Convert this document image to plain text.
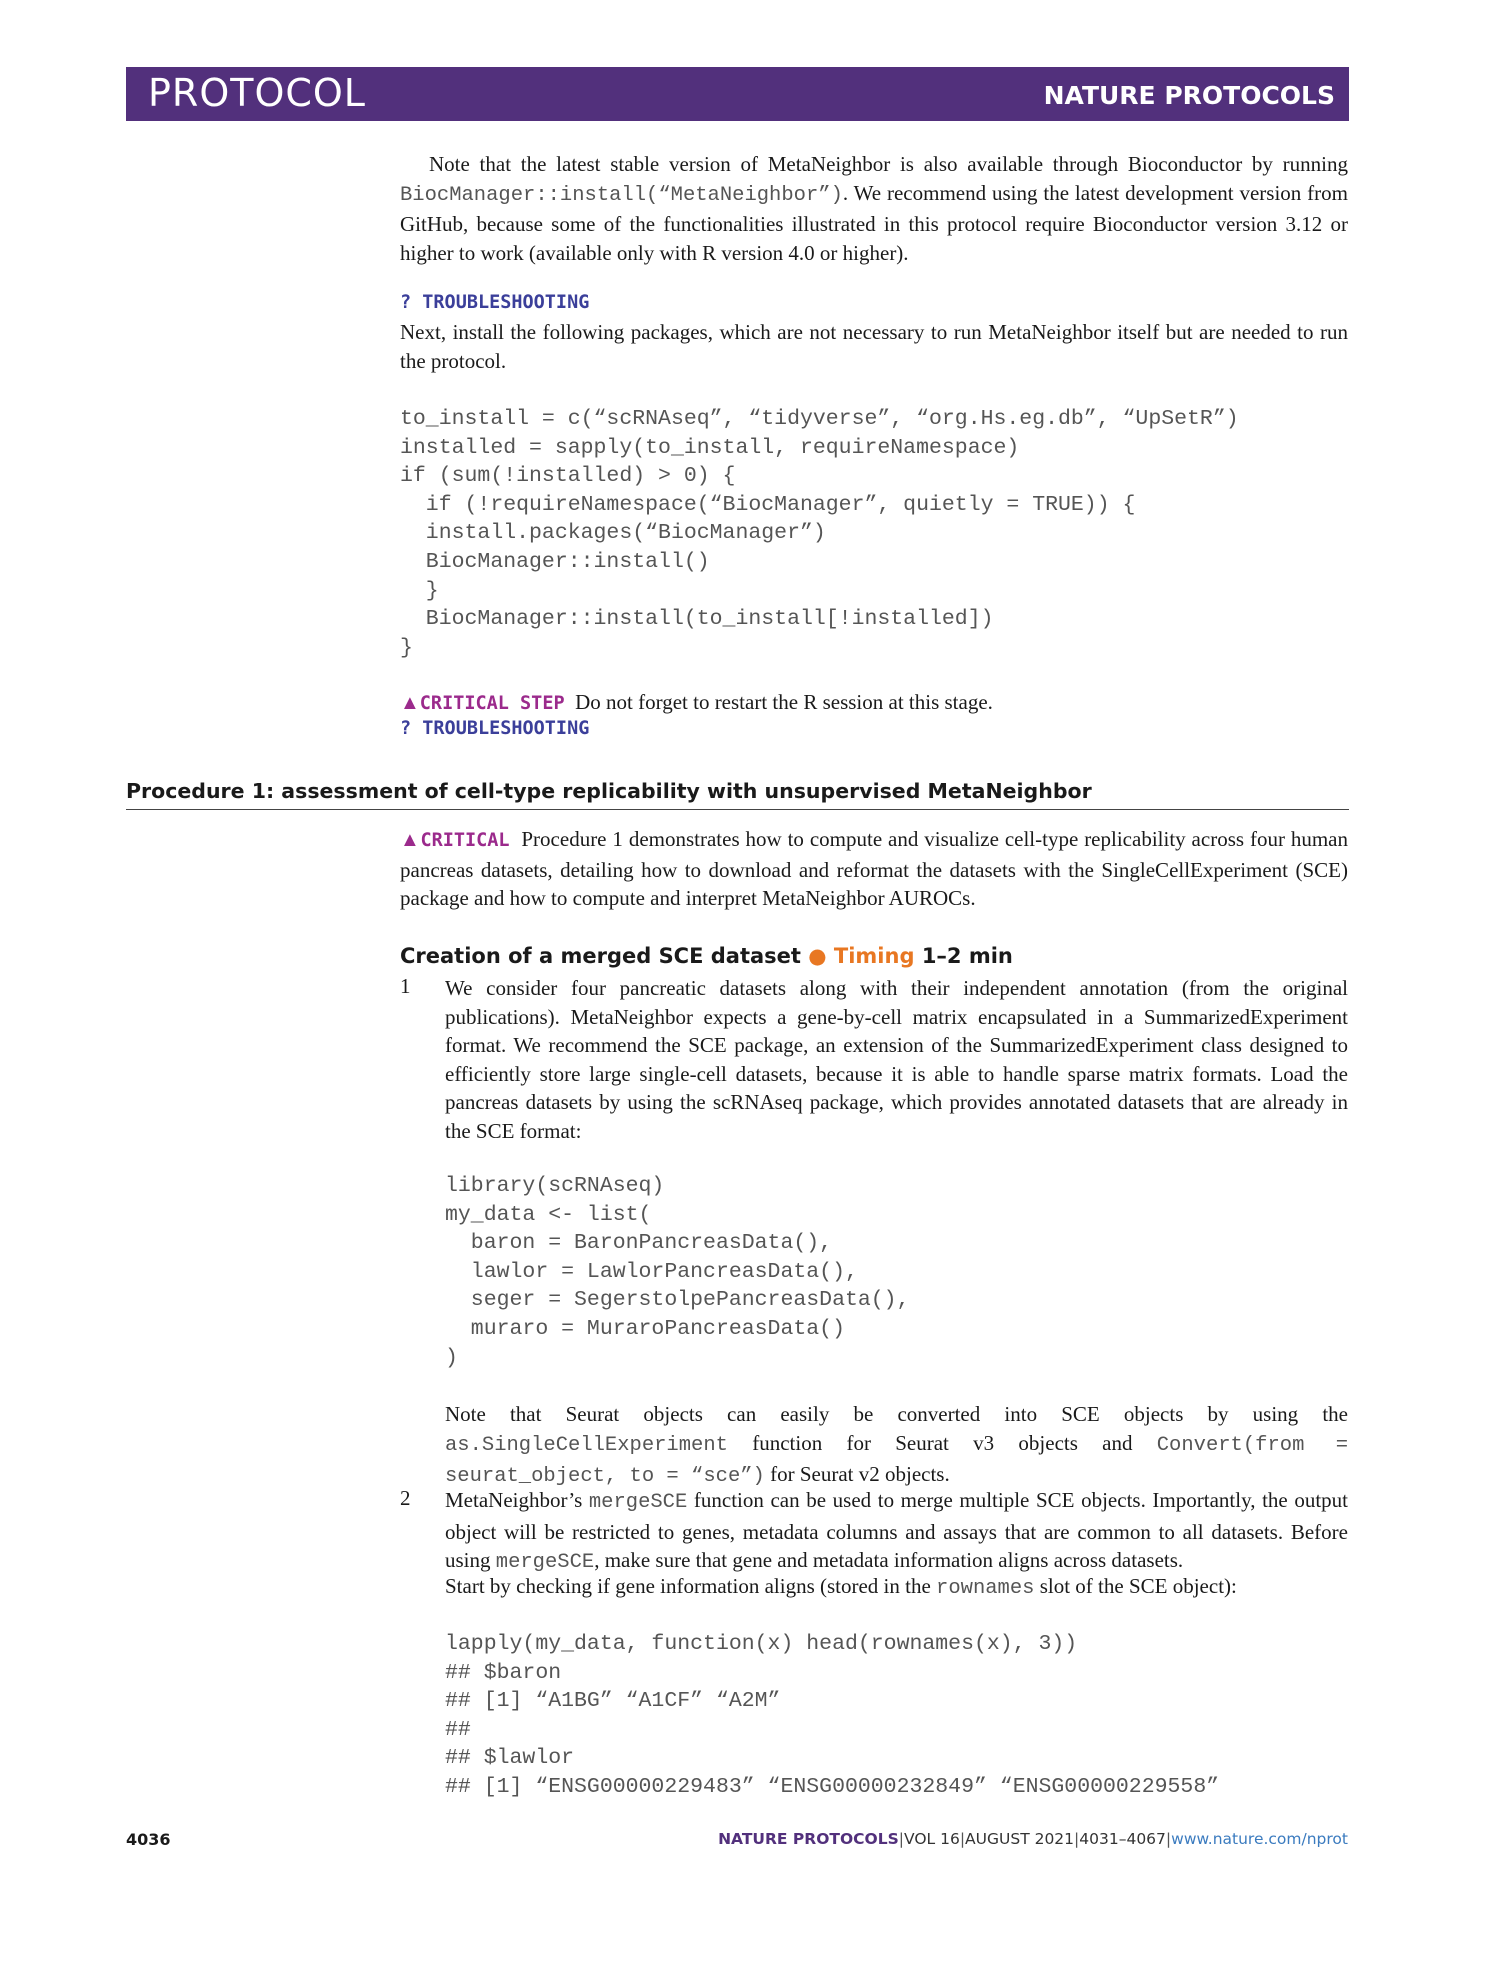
PROTOCOL	NATURE PROTOCOLS

Note that the latest stable version of MetaNeighbor is also available through Bioconductor by running BiocManager::install(“MetaNeighbor”). We recommend using the latest development version from GitHub, because some of the functionalities illustrated in this protocol require Bioconductor version 3.12 or higher to work (available only with R version 4.0 or higher).

? TROUBLESHOOTING

Next, install the following packages, which are not necessary to run MetaNeighbor itself but are needed to run the protocol.

to_install = c(“scRNAseq”, “tidyverse”, “org.Hs.eg.db”, “UpSetR”)
installed = sapply(to_install, requireNamespace)
if (sum(!installed) > 0) {
if (!requireNamespace(“BiocManager”, quietly = TRUE)) {
install.packages(“BiocManager”)
BiocManager::install()
}
BiocManager::install(to_install[!installed])
}

▲CRITICAL STEP Do not forget to restart the R session at this stage.

? TROUBLESHOOTING

Procedure 1: assessment of cell-type replicability with unsupervised MetaNeighbor

▲CRITICAL Procedure 1 demonstrates how to compute and visualize cell-type replicability across four human pancreas datasets, detailing how to download and reformat the datasets with the SingleCellExperiment (SCE) package and how to compute and interpret MetaNeighbor AUROCs.

Creation of a merged SCE dataset ● Timing 1–2 min

1 We consider four pancreatic datasets along with their independent annotation (from the original publications). MetaNeighbor expects a gene-by-cell matrix encapsulated in a SummarizedExperiment format. We recommend the SCE package, an extension of the SummarizedExperiment class designed to efficiently store large single-cell datasets, because it is able to handle sparse matrix formats. Load the pancreas datasets by using the scRNAseq package, which provides annotated datasets that are already in the SCE format:

library(scRNAseq)
my_data <- list(
baron = BaronPancreasData(),
lawlor = LawlorPancreasData(),
seger = SegerstolpePancreasData(),
muraro = MuraroPancreasData()
)

Note that Seurat objects can easily be converted into SCE objects by using the as.SingleCellExperiment function for Seurat v3 objects and Convert(from = seurat_object, to = “sce”) for Seurat v2 objects.

2 MetaNeighbor’s mergeSCE function can be used to merge multiple SCE objects. Importantly, the output object will be restricted to genes, metadata columns and assays that are common to all datasets. Before using mergeSCE, make sure that gene and metadata information aligns across datasets.

Start by checking if gene information aligns (stored in the rownames slot of the SCE object):

lapply(my_data, function(x) head(rownames(x), 3))
## $baron
## [1] “A1BG” “A1CF” “A2M”
##
## $lawlor
## [1] “ENSG00000229483” “ENSG00000232849” “ENSG00000229558”

4036	NATURE PROTOCOLS|VOL 16|AUGUST 2021|4031–4067|www.nature.com/nprot
